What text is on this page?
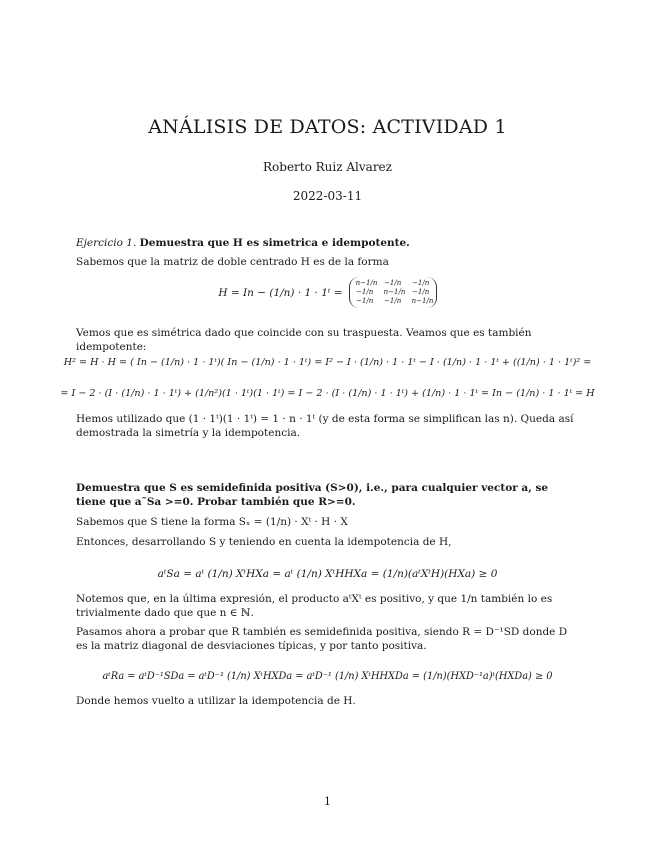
ANÁLISIS DE DATOS: ACTIVIDAD 1
Roberto Ruiz Alvarez
2022-03-11
Ejercicio 1. Demuestra que H es simetrica e idempotente.
Sabemos que la matriz de doble centrado H es de la forma
H = In − (1/n) · 1 · 1ᵗ =
n−1/n −1/n −1/n
−1/n n−1/n −1/n
−1/n −1/n n−1/n
Vemos que es simétrica dado que coincide con su traspuesta. Veamos que es también idempotente:
H² = H · H = ( In − (1/n) · 1 · 1ᵗ)( In − (1/n) · 1 · 1ᵗ) = I² − I · (1/n) · 1 · 1ᵗ − I · (1/n) · 1 · 1ᵗ + ((1/n) · 1 · 1ᵗ)² =
= I − 2 · (I · (1/n) · 1 · 1ᵗ) + (1/n²)(1 · 1ᵗ)(1 · 1ᵗ) = I − 2 · (I · (1/n) · 1 · 1ᵗ) + (1/n) · 1 · 1ᵗ = In − (1/n) · 1 · 1ᵗ = H
Hemos utilizado que (1 · 1ᵗ)(1 · 1ᵗ) = 1 · n · 1ᵗ (y de esta forma se simplifican las n). Queda así demostrada la simetría y la idempotencia.
Demuestra que S es semidefinida positiva (S>0), i.e., para cualquier vector a, se tiene que a˜Sa >=0. Probar también que R>=0.
Sabemos que S tiene la forma Sₓ = (1/n) · Xᵗ · H · X
Entonces, desarrollando S y teniendo en cuenta la idempotencia de H,
aᵗSa = aᵗ (1/n) XᵗHXa = aᵗ (1/n) XᵗHHXa = (1/n)(aᵗXᵗH)(HXa) ≥ 0
Notemos que, en la última expresión, el producto aᵗXᵗ es positivo, y que 1/n también lo es trivialmente dado que que n ∈ ℕ.
Pasamos ahora a probar que R también es semidefinida positiva, siendo R = D⁻¹SD donde D es la matriz diagonal de desviaciones típicas, y por tanto positiva.
aᵗRa = aᵗD⁻¹SDa = aᵗD⁻¹ (1/n) XᵗHXDa = aᵗD⁻¹ (1/n) XᵗHHXDa = (1/n)(HXD⁻¹a)ᵗ(HXDa) ≥ 0
Donde hemos vuelto a utilizar la idempotencia de H.
1
